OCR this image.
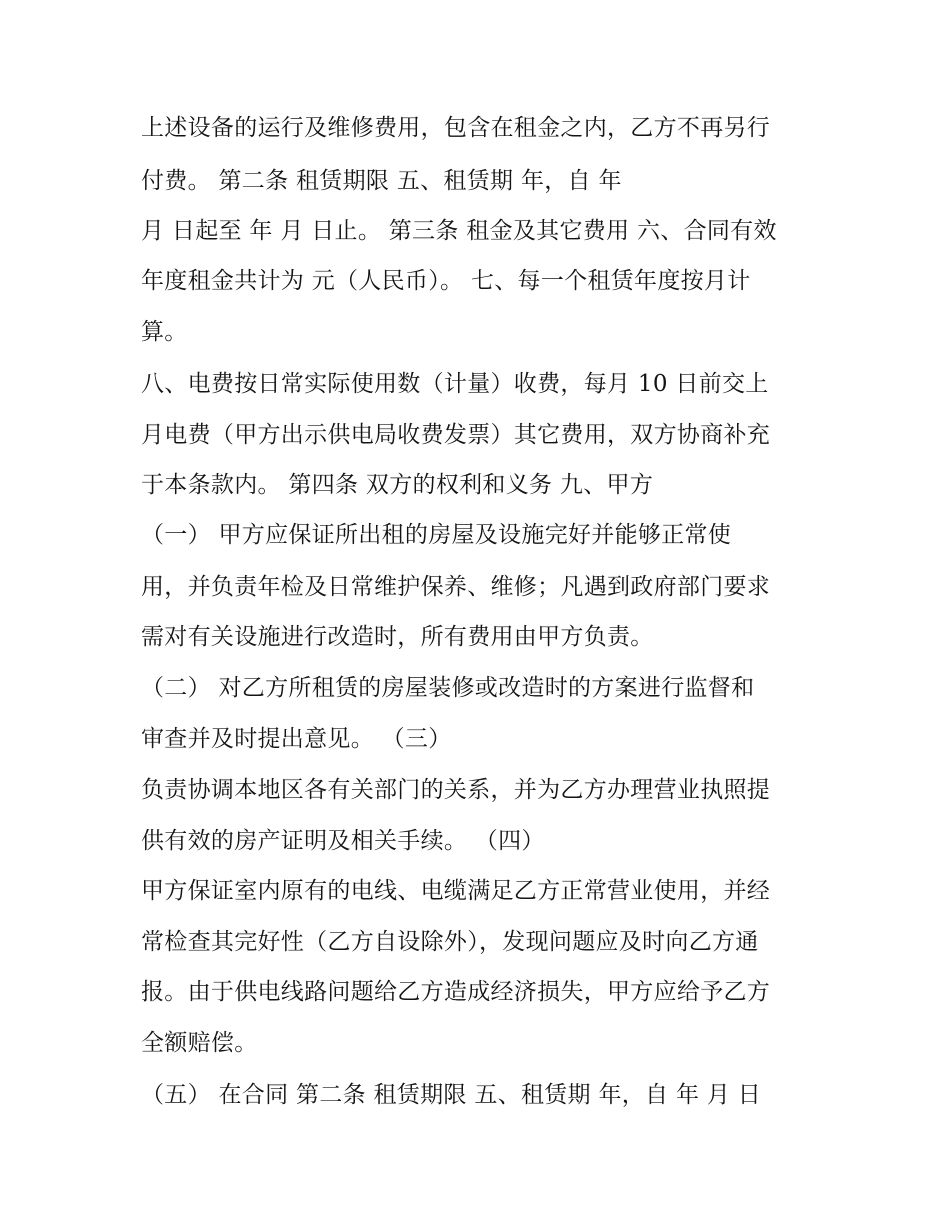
上述设备的运行及维修费用，包含在租金之内，乙方不再另行
付费。 第二条 租赁期限 五、租赁期 年，自 年
月 日起至 年 月 日止。 第三条 租金及其它费用 六、合同有效
年度租金共计为 元（人民币）。 七、每一个租赁年度按月计
算。
八、电费按日常实际使用数（计量）收费，每月 10 日前交上
月电费（甲方出示供电局收费发票）其它费用，双方协商补充
于本条款内。 第四条 双方的权利和义务 九、甲方
（一） 甲方应保证所出租的房屋及设施完好并能够正常使
用，并负责年检及日常维护保养、维修；凡遇到政府部门要求
需对有关设施进行改造时，所有费用由甲方负责。
（二） 对乙方所租赁的房屋装修或改造时的方案进行监督和
审查并及时提出意见。 （三）
负责协调本地区各有关部门的关系，并为乙方办理营业执照提
供有效的房产证明及相关手续。 （四）
甲方保证室内原有的电线、电缆满足乙方正常营业使用，并经
常检查其完好性（乙方自设除外），发现问题应及时向乙方通
报。由于供电线路问题给乙方造成经济损失，甲方应给予乙方
全额赔偿。
（五） 在合同 第二条 租赁期限 五、租赁期 年，自 年 月 日
